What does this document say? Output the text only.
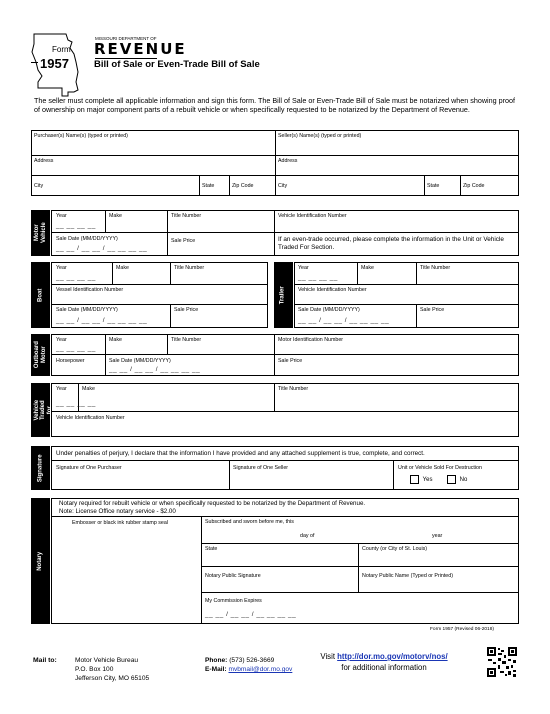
Form
1957
MISSOURI DEPARTMENT OF
REVENUE
Bill of Sale or Even-Trade Bill of Sale
The seller must complete all applicable information and sign this form. The Bill of Sale or Even-Trade Bill of Sale must be notarized when showing proof of ownership on major component parts of a rebuilt vehicle or when specifically requested to be notarized by the Department of Revenue.
Purchaser(s) Name(s) (typed or printed)	Seller(s) Name(s) (typed or printed)
Address	Address
City	State	Zip Code	City	State	Zip Code
Motor Vehicle
Year
__ __ __ __
Make	Title Number	Vehicle Identification Number
Sale Date (MM/DD/YYYY)
__ __ / __ __ / __ __ __ __
Sale Price	If an even-trade occurred, please complete the information in the Unit or Vehicle Traded For Section.
Boat
Year
__ __ __ __
Make	Title Number
Vessel Identification Number
Sale Date (MM/DD/YYYY)
__ __ / __ __ / __ __ __ __
Sale Price
Trailer
Year
__ __ __ __
Make	Title Number
Vehicle Identification Number
Sale Date (MM/DD/YYYY)
__ __ / __ __ / __ __ __ __
Sale Price
Outboard Motor
Year
__ __ __ __
Make	Title Number	Motor Identification Number
Horsepower	Sale Date (MM/DD/YYYY)
__ __ / __ __ / __ __ __ __
Sale Price
Unit or Vehicle Traded for
Year
__ __ __ __
Make	Title Number
Vehicle Identification Number
Signature
Under penalties of perjury, I declare that the information I have provided and any attached supplement is true, complete, and correct.
Signature of One Purchaser	Signature of One Seller	Unit or Vehicle Sold For Destruction
Yes	No
Notary
Notary required for rebuilt vehicle or when specifically requested to be notarized by the Department of Revenue.
Note: License Office notary service - $2.00
Embosser or black ink rubber stamp seal	Subscribed and sworn before me, this
day of	year
State	County (or City of St. Louis)
Notary Public Signature	Notary Public Name (Typed or Printed)
My Commission Expires
__ __ / __ __ / __ __ __ __
Form 1957 (Revised 06-2018)
Mail to:	Motor Vehicle Bureau
P.O. Box 100
Jefferson City, MO 65105
Phone: (573) 526-3669
E-Mail: mvbmail@dor.mo.gov
Visit http://dor.mo.gov/motorv/nos/
for additional information
